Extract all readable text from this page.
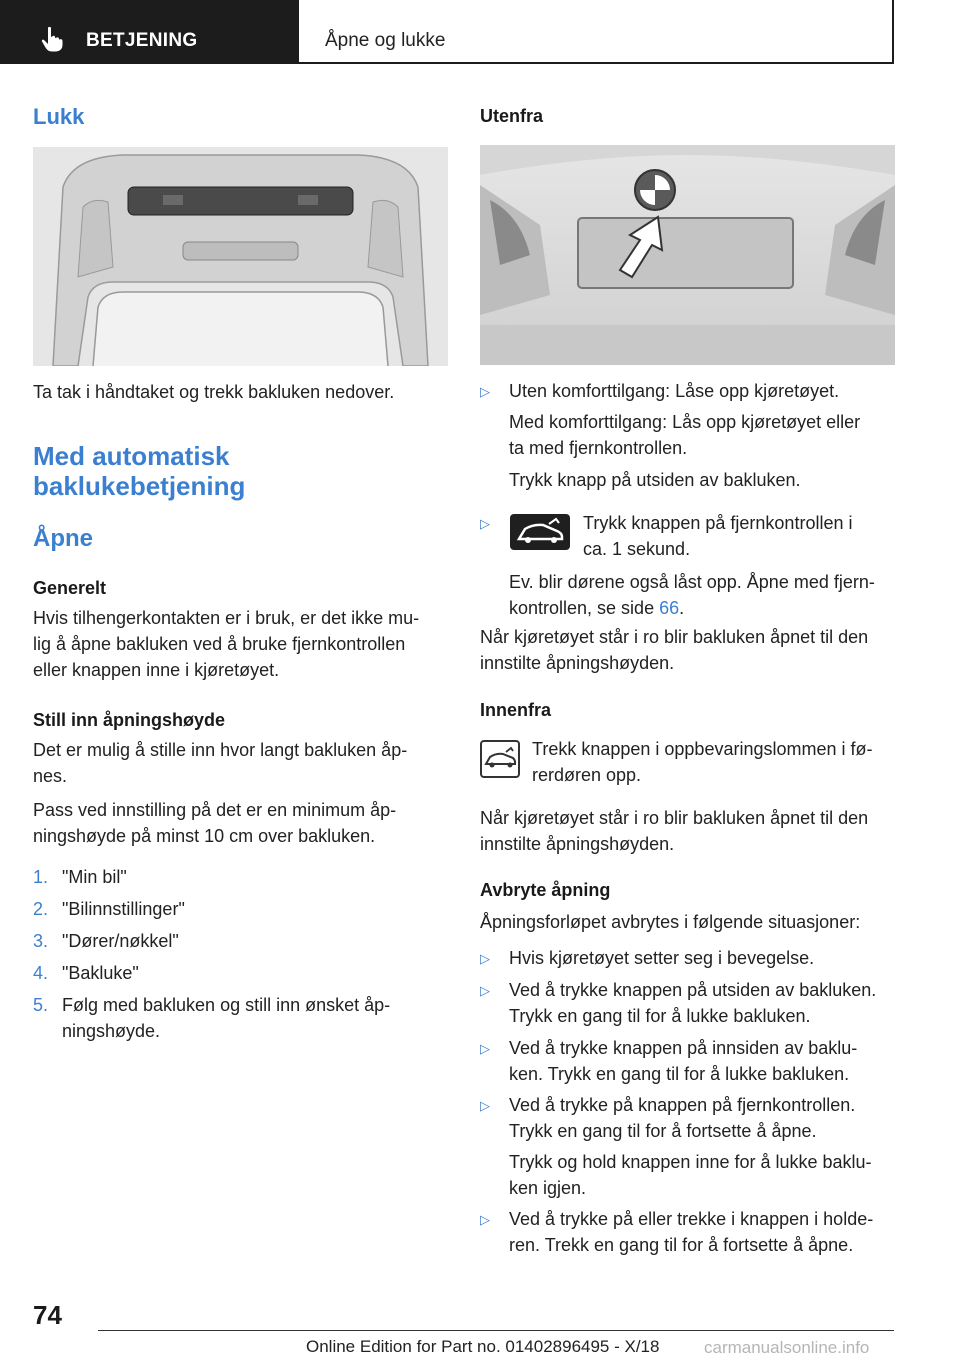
BETJENING	Åpne og lukke
Lukk
Ta tak i håndtaket og trekk bakluken nedover.
Med automatisk
baklukebetjening
Åpne
Generelt

Hvis tilhengerkontakten er i bruk, er det ikke mu-

lig å åpne bakluken ved å bruke fjernkontrollen

eller knappen inne i kjøretøyet.

Still inn åpningshøyde

Det er mulig å stille inn hvor langt bakluken åp-

nes.

Pass ved innstilling på det er en minimum åp-

ningshøyde på minst 10 cm over bakluken.

1. "Min bil"

2. "Bilinnstillinger"

3. "Dører/nøkkel"

4. "Bakluke"

5. Følg med bakluken og still inn ønsket åp-

ningshøyde.

Utenfra
▷ Uten komforttilgang: Låse opp kjøretøyet.

Med komforttilgang: Lås opp kjøretøyet eller

ta med fjernkontrollen.

Trykk knapp på utsiden av bakluken.

▷	Trykk knappen på fjernkontrollen i

ca. 1 sekund.

Ev. blir dørene også låst opp. Åpne med fjern-

kontrollen, se side 66.

Når kjøretøyet står i ro blir bakluken åpnet til den

innstilte åpningshøyden.

Innenfra

Trekk knappen i oppbevaringslommen i fø-

rerdøren opp.

Når kjøretøyet står i ro blir bakluken åpnet til den

innstilte åpningshøyden.

Avbryte åpning

Åpningsforløpet avbrytes i følgende situasjoner:

▷ Hvis kjøretøyet setter seg i bevegelse.

▷ Ved å trykke knappen på utsiden av bakluken.

Trykk en gang til for å lukke bakluken.

▷ Ved å trykke knappen på innsiden av baklu-

ken. Trykk en gang til for å lukke bakluken.

▷ Ved å trykke på knappen på fjernkontrollen.

Trykk en gang til for å fortsette å åpne.

Trykk og hold knappen inne for å lukke baklu-

ken igjen.

▷ Ved å trykke på eller trekke i knappen i holde-

ren. Trekk en gang til for å fortsette å åpne.

74
Online Edition for Part no. 01402896495 - X/18	carmanualsonline.info
